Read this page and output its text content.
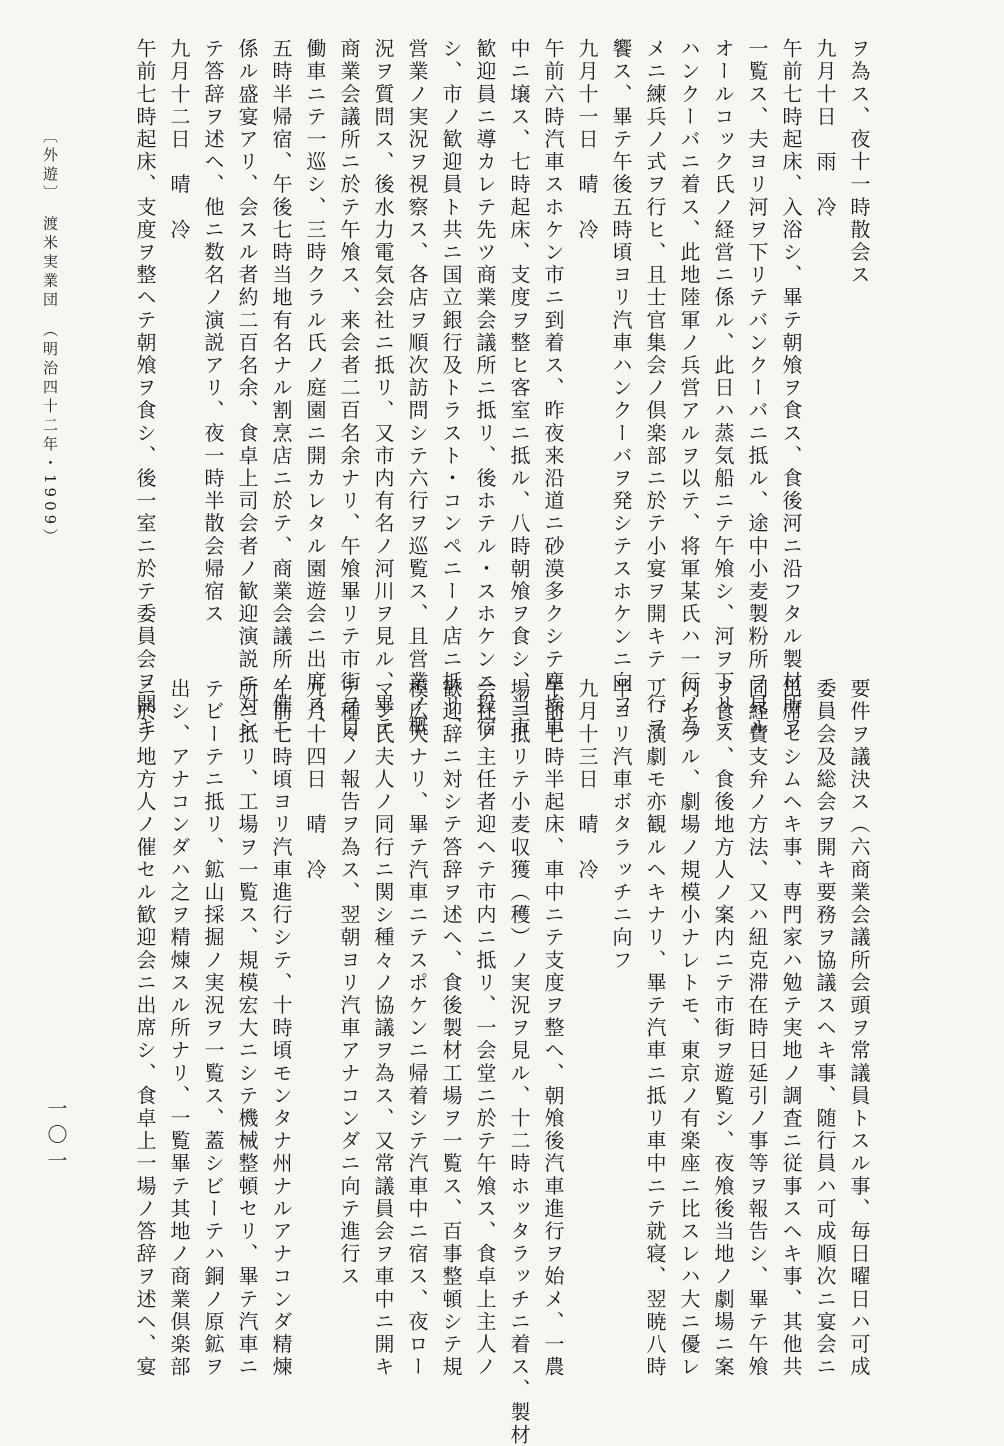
ヲ為ス、夜十一時散会ス
九月十日　雨　冷
午前七時起床、入浴シ、畢テ朝飧ヲ食ス、食後河ニ沿フタル製材所ヲ
一覧ス、夫ヨリ河ヲ下リテバンクーバニ抵ル、途中小麦製粉所ヲ見ル
オールコック氏ノ経営ニ係ル、此日ハ蒸気船ニテ午飧シ、河ヲ下リテ
ハンクーバニ着ス、此地陸軍ノ兵営アルヲ以テ、将軍某氏ハ一行ノ為
メニ練兵ノ式ヲ行ヒ、且士官集会ノ倶楽部ニ於テ小宴ヲ開キテ一行ヲ
饗ス、畢テ午後五時頃ヨリ汽車ハンクーバヲ発シテスホケンニ向フ
九月十一日　晴　冷
午前六時汽車スホケン市ニ到着ス、昨夜来沿道ニ砂漠多クシテ塵埃車
中ニ壌ス、七時起床、支度ヲ整ヒ客室ニ抵ル、八時朝飧ヲ食シ、当市
歓迎員ニ導カレテ先ツ商業会議所ニ抵リ、後ホテル・スホケンニ投宿
シ、市ノ歓迎員ト共ニ国立銀行及トラスト・コンペニーノ店ニ抵リ、
営業ノ実況ヲ視察ス、各店ヲ順次訪問シテ六行ヲ巡覧ス、且営業ノ概
況ヲ質問ス、後水力電気会社ニ抵リ、又市内有名ノ河川ヲ見ル、畢テ
商業会議所ニ於テ午飧ス、来会者二百名余ナリ、午飧畢リテ市街ヲ自
働車ニテ一巡シ、三時クラル氏ノ庭園ニ開カレタル園遊会ニ出席ス、
五時半帰宿、午後七時当地有名ナル割烹店ニ於テ、商業会議所ノ催ニ
係ル盛宴アリ、会スル者約二百名余、食卓上司会者ノ歓迎演説ニ対シ
テ答辞ヲ述ヘ、他ニ数名ノ演説アリ、夜一時半散会帰宿ス
九月十二日　晴　冷
午前七時起床、支度ヲ整ヘテ朝飧ヲ食シ、後一室ニ於テ委員会ヲ開キ
要件ヲ議決ス（六商業会議所会頭ヲ常議員トスル事、毎日曜日ハ可成
委員会及総会ヲ開キ要務ヲ協議スヘキ事、随行員ハ可成順次ニ宴会ニ
出席セシムヘキ事、専門家ハ勉テ実地ノ調査ニ従事スヘキ事、其他共
同経費支弁ノ方法、又ハ紐克滞在時日延引ノ事等ヲ報告シ、畢テ午飧
ヲ食ス、食後地方人ノ案内ニテ市街ヲ遊覧シ、夜飧後当地ノ劇場ニ案
内セラル、劇場ノ規模小ナレトモ、東京ノ有楽座ニ比スレハ大ニ優レ
リ、演劇モ亦観ルヘキナリ、畢テ汽車ニ抵リ車中ニテ就寝、翌暁八時
半ヨリ汽車ボタラッチニ向フ
九月十三日　晴　冷
午前七時半起床、車中ニテ支度ヲ整ヘ、朝飧後汽車進行ヲ始メ、一農
場ニ抵リテ小麦収獲（穫）ノ実況ヲ見ル、十二時ホッタラッチニ着ス、製材
会社ノ主任者迎ヘテ市内ニ抵リ、一会堂ニ於テ午飧ス、食卓上主人ノ
歓迎辞ニ対シテ答辞ヲ述ヘ、食後製材工場ヲ一覧ス、百事整頓シテ規
模広大ナリ、畢テ汽車ニテスポケンニ帰着シテ汽車中ニ宿ス、夜ロー
マン氏夫人ノ同行ニ関シ種々ノ協議ヲ為ス、又常議員会ヲ車中ニ開キ
テ種々ノ報告ヲ為ス、翌朝ヨリ汽車アナコンダニ向テ進行ス
九月十四日　晴　冷
午前七時頃ヨリ汽車進行シテ、十時頃モンタナ州ナルアナコンダ精煉
所ニ抵リ、工場ヲ一覧ス、規模宏大ニシテ機械整頓セリ、畢テ汽車ニ
テビーテニ抵リ、鉱山採掘ノ実況ヲ一覧ス、蓋シビーテハ銅ノ原鉱ヲ
出シ、アナコンダハ之ヲ精煉スル所ナリ、一覧畢テ其地ノ商業倶楽部
ニ於テ地方人ノ催セル歓迎会ニ出席シ、食卓上一場ノ答辞ヲ述ヘ、宴
〔外遊〕　渡米実業団　（明治四十二年・1909）
一〇一
